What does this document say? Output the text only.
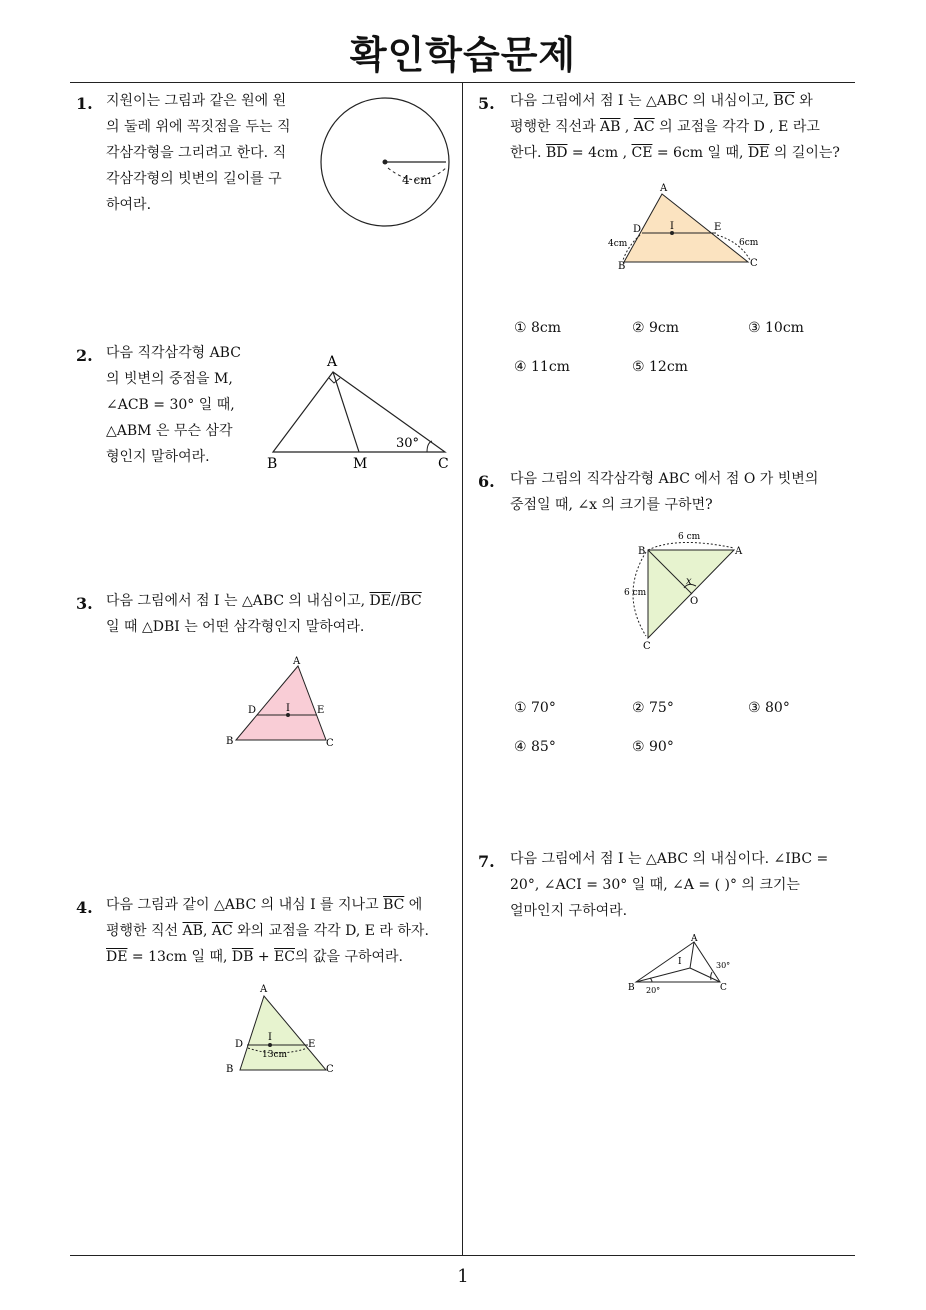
확인학습문제
1
1. 지원이는 그림과 같은 원에 원
의 둘레 위에 꼭짓점을 두는 직
각삼각형을 그리려고 한다. 직
각삼각형의 빗변의 길이를 구
하여라.
4 cm
2. 다음 직각삼각형 ABC
의 빗변의 중점을 M,
∠ACB = 30° 일 때,
△ABM 은 무슨 삼각
형인지 말하여라.
A
B	M	C
30°
3. 다음 그림에서 점 I 는 △ABC 의 내심이고, $\overline{DE}//\overline{BC}$
일 때 △DBI 는 어떤 삼각형인지 말하여라.
A
B	C
D	E
I
4. 다음 그림과 같이 △ABC 의 내심 I 를 지나고 $\overline{BC}$ 에
평행한 직선 $\overline{AB}$, $\overline{AC}$ 와의 교점을 각각 D, E 라 하자.
$\overline{DE} = 13cm$ 일 때, $\overline{DB} + \overline{EC}$의 값을 구하여라.
A
B	C
D	E
I
13cm
5. 다음 그림에서 점 I 는 △ABC 의 내심이고, $\overline{BC}$ 와
평행한 직선과 $\overline{AB}$ , $\overline{AC}$ 의 교점을 각각 D , E 라고
한다. $\overline{BD} = 4cm$ , $\overline{CE} = 6cm$ 일 때, $\overline{DE}$ 의 길이는?
A
B	C
D	E
I
4cm	6cm
① 8cm	② 9cm	③ 10cm
④ 11cm	⑤ 12cm
6. 다음 그림의 직각삼각형 ABC 에서 점 O 가 빗변의
중점일 때, ∠x 의 크기를 구하면?
6 cm
6 cm
B	A
C
O
x
① 70°	② 75°	③ 80°
④ 85°	⑤ 90°
7. 다음 그림에서 점 I 는 △ABC 의 내심이다. ∠IBC =
20°, ∠ACI = 30° 일 때, ∠A = ( )° 의 크기는
얼마인지 구하여라.
A
B	C
I
20°
30°
